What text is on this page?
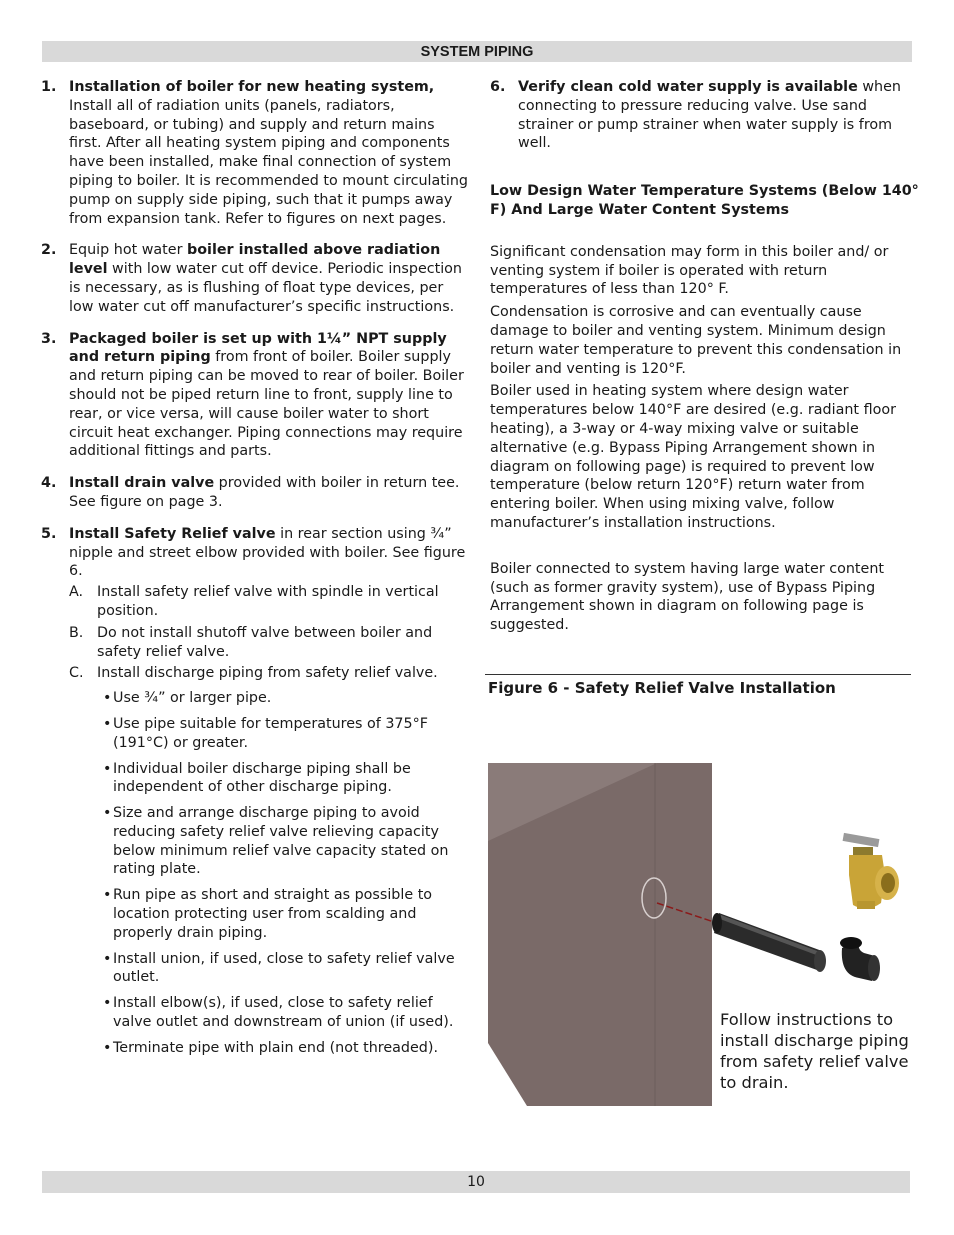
SYSTEM PIPING
1. Installation of boiler for new heating system, Install all of radiation units (panels, radiators, baseboard, or tubing) and supply and return mains first. After all heating system piping and components have been installed, make final connection of system piping to boiler. It is recommended to mount circulating pump on supply side piping, such that it pumps away from expansion tank. Refer to figures on next pages.
2. Equip hot water boiler installed above radiation level with low water cut off device. Periodic inspection is necessary, as is flushing of float type devices, per low water cut off manufacturer’s specific instructions.
3. Packaged boiler is set up with 1¼” NPT supply and return piping from front of boiler. Boiler supply and return piping can be moved to rear of boiler. Boiler should not be piped return line to front, supply line to rear, or vice versa, will cause boiler water to short circuit heat exchanger. Piping connections may require additional fittings and parts.
4. Install drain valve provided with boiler in return tee. See figure on page 3.
5. Install Safety Relief valve in rear section using ¾” nipple and street elbow provided with boiler. See figure 6.
A. Install safety relief valve with spindle in vertical position.
B. Do not install shutoff valve between boiler and safety relief valve.
C. Install discharge piping from safety relief valve.
• Use ¾” or larger pipe.
• Use pipe suitable for temperatures of 375°F (191°C) or greater.
• Individual boiler discharge piping shall be independent of other discharge piping.
• Size and arrange discharge piping to avoid reducing safety relief valve relieving capacity below minimum relief valve capacity stated on rating plate.
• Run pipe as short and straight as possible to location protecting user from scalding and properly drain piping.
• Install union, if used, close to safety relief valve outlet.
• Install elbow(s), if used, close to safety relief valve outlet and downstream of union (if used).
• Terminate pipe with plain end (not threaded).
6. Verify clean cold water supply is available when connecting to pressure reducing valve. Use sand strainer or pump strainer when water supply is from well.

Low Design Water Temperature Systems (Below 140° F) And Large Water Content Systems

Significant condensation may form in this boiler and/ or venting system if boiler is operated with return temperatures of less than 120° F.

Condensation is corrosive and can eventually cause damage to boiler and venting system. Minimum design return water temperature to prevent this condensation in boiler and venting is 120°F.

Boiler used in heating system where design water temperatures below 140°F are desired (e.g. radiant floor heating), a 3-way or 4-way mixing valve or suitable alternative (e.g. Bypass Piping Arrangement shown in diagram on following page) is required to prevent low temperature (below return 120°F) return water from entering boiler. When using mixing valve, follow manufacturer’s installation instructions.

Boiler connected to system having large water content (such as former gravity system), use of Bypass Piping Arrangement shown in diagram on following page is suggested.

Figure 6 - Safety Relief Valve Installation
Follow instructions to install discharge piping from safety relief valve to drain.
10
